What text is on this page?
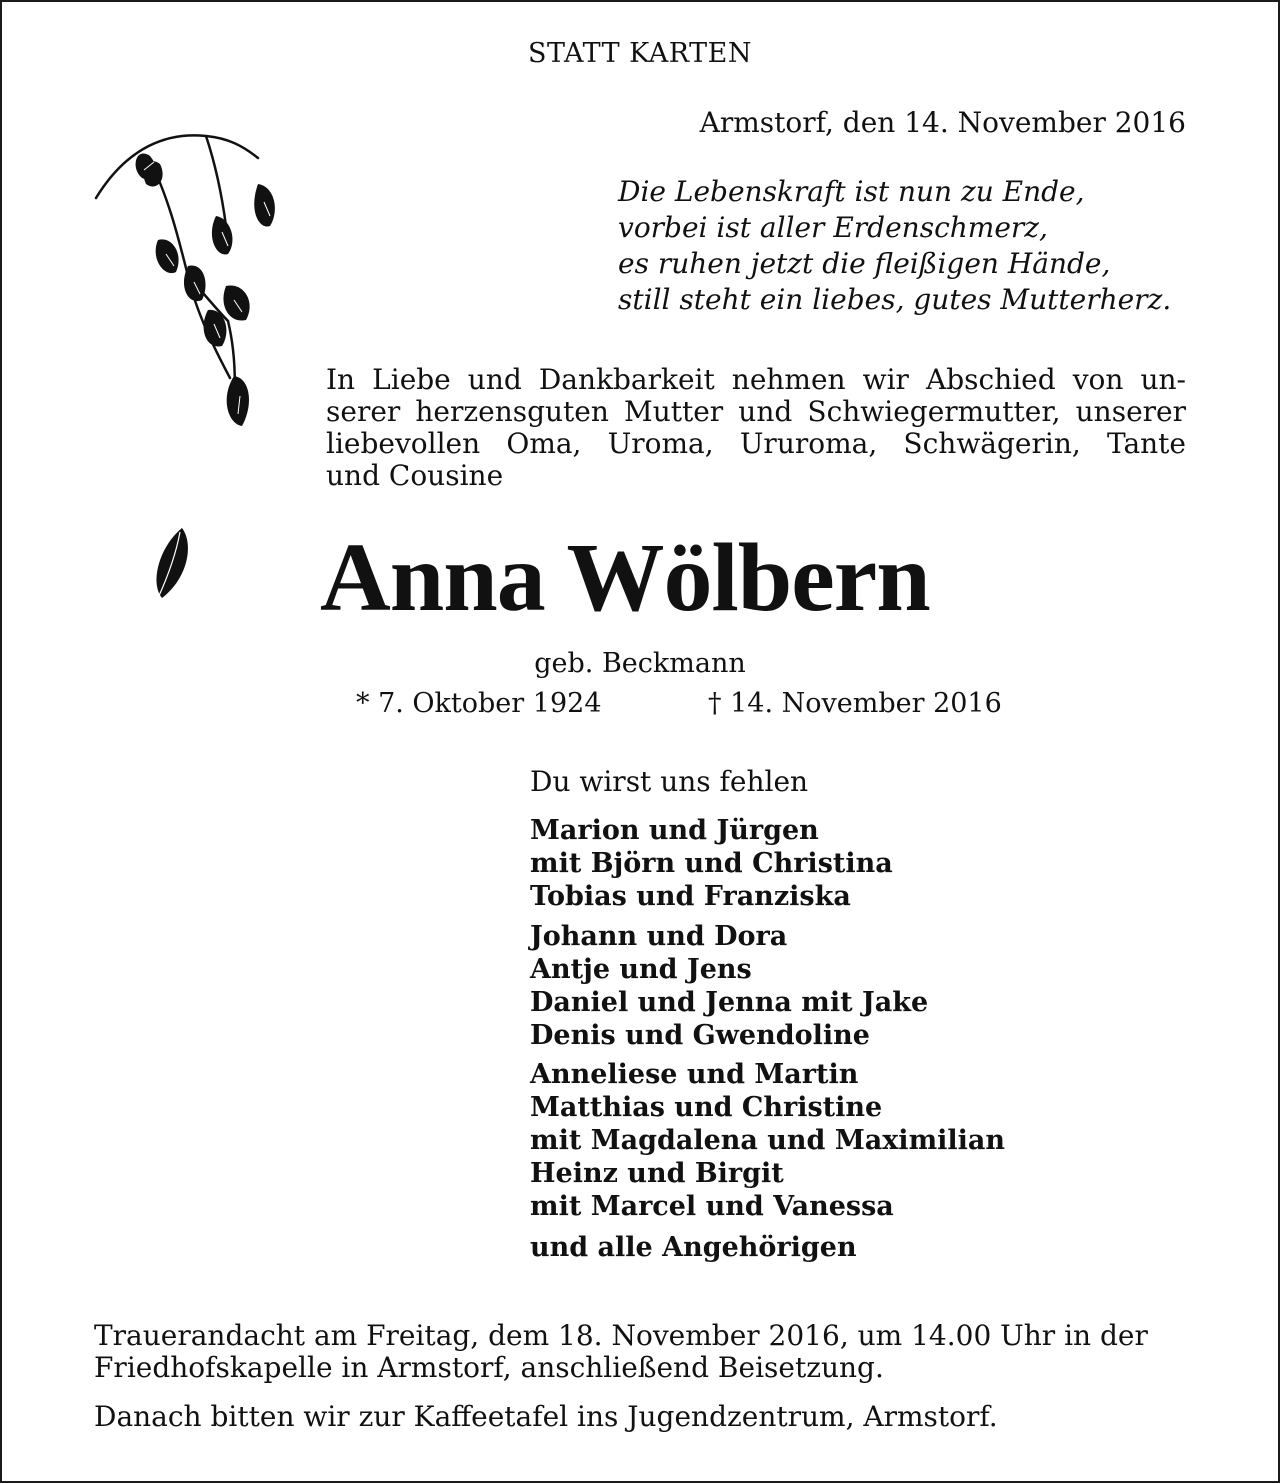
STATT KARTEN
Armstorf, den 14. November 2016
Die Lebenskraft ist nun zu Ende,
vorbei ist aller Erdenschmerz,
es ruhen jetzt die fleißigen Hände,
still steht ein liebes, gutes Mutterherz.
In Liebe und Dankbarkeit nehmen wir Abschied von un-
serer herzensguten Mutter und Schwiegermutter, unserer
liebevollen Oma, Uroma, Ururoma, Schwägerin, Tante
und Cousine
Anna Wölbern
geb. Beckmann
* 7. Oktober 1924	† 14. November 2016
Du wirst uns fehlen
Marion und Jürgen
mit Björn und Christina
Tobias und Franziska
Johann und Dora
Antje und Jens
Daniel und Jenna mit Jake
Denis und Gwendoline
Anneliese und Martin
Matthias und Christine
mit Magdalena und Maximilian
Heinz und Birgit
mit Marcel und Vanessa
und alle Angehörigen
Trauerandacht am Freitag, dem 18. November 2016, um 14.00 Uhr in der
Friedhofskapelle in Armstorf, anschließend Beisetzung.
Danach bitten wir zur Kaffeetafel ins Jugendzentrum, Armstorf.
